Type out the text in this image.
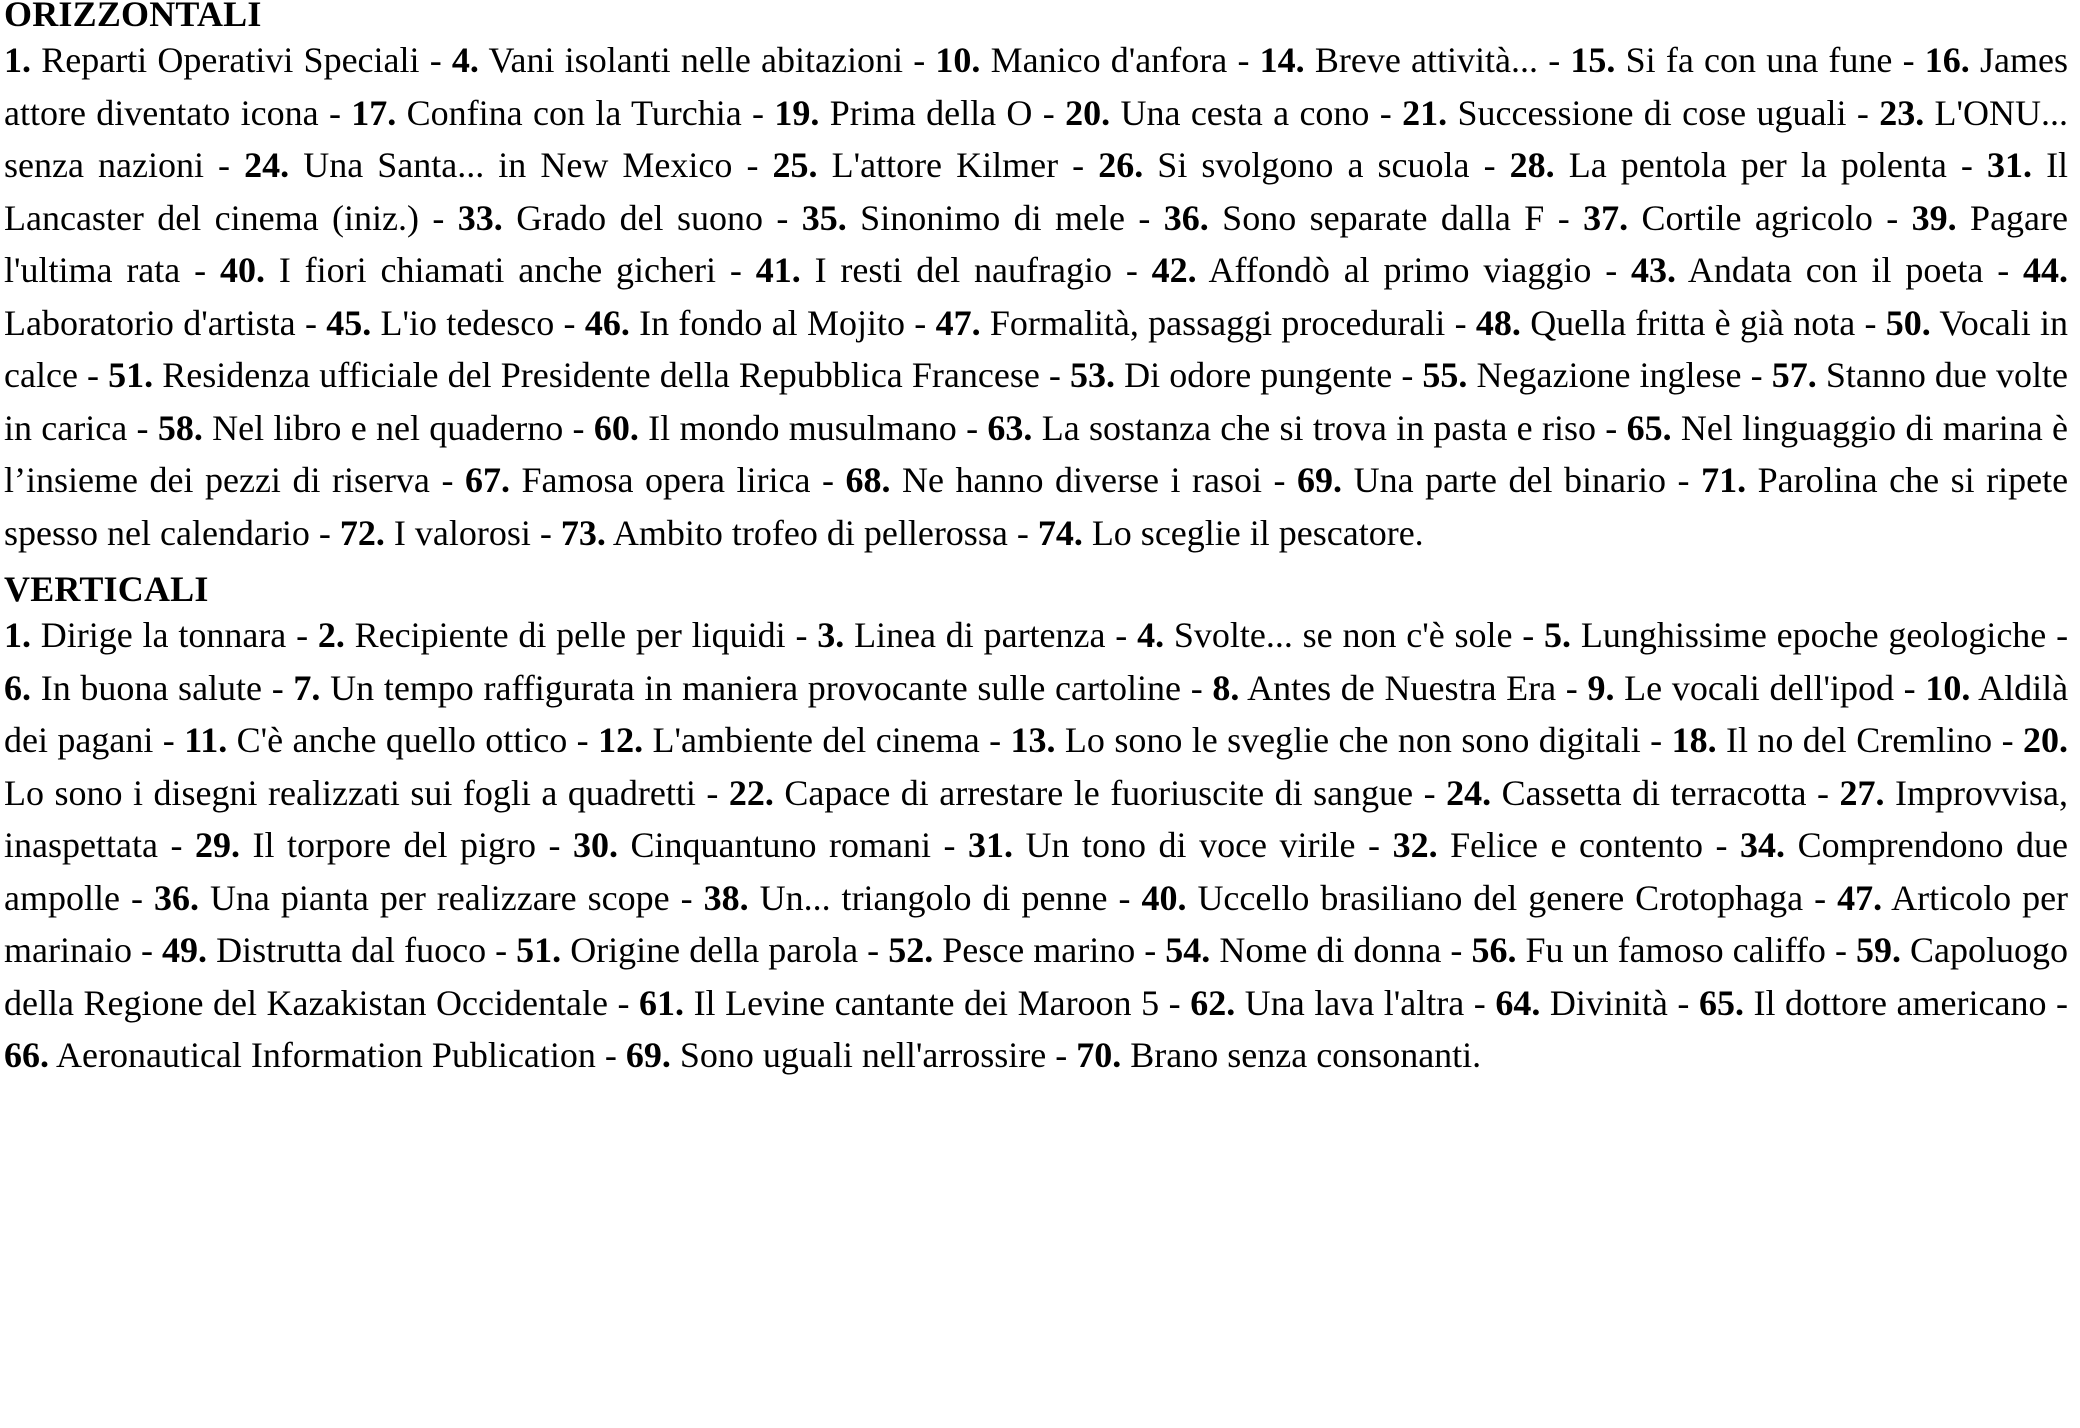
ORIZZONTALI

1. Reparti Operativi Speciali - 4. Vani isolanti nelle abitazioni - 10. Manico d'anfora - 14. Breve attività... - 15. Si fa con una fune - 16. James attore diventato icona - 17. Confina con la Turchia - 19. Prima della O - 20. Una cesta a cono - 21. Successione di cose uguali - 23. L'ONU... senza nazioni - 24. Una Santa... in New Mexico - 25. L'attore Kilmer - 26. Si svolgono a scuola - 28. La pentola per la polenta - 31. Il Lancaster del cinema (iniz.) - 33. Grado del suono - 35. Sinonimo di mele - 36. Sono separate dalla F - 37. Cortile agricolo - 39. Pagare l'ultima rata - 40. I fiori chiamati anche gicheri - 41. I resti del naufragio - 42. Affondò al primo viaggio - 43. Andata con il poeta - 44. Laboratorio d'artista - 45. L'io tedesco - 46. In fondo al Mojito - 47. Formalità, passaggi procedurali - 48. Quella fritta è già nota - 50. Vocali in calce - 51. Residenza ufficiale del Presidente della Repubblica Francese - 53. Di odore pungente - 55. Negazione inglese - 57. Stanno due volte in carica - 58. Nel libro e nel quaderno - 60. Il mondo musulmano - 63. La sostanza che si trova in pasta e riso - 65. Nel linguaggio di marina è l’insieme dei pezzi di riserva - 67. Famosa opera lirica - 68. Ne hanno diverse i rasoi - 69. Una parte del binario - 71. Parolina che si ripete spesso nel calendario - 72. I valorosi - 73. Ambito trofeo di pellerossa - 74. Lo sceglie il pescatore.

VERTICALI

1. Dirige la tonnara - 2. Recipiente di pelle per liquidi - 3. Linea di partenza - 4. Svolte... se non c'è sole - 5. Lunghissime epoche geologiche - 6. In buona salute - 7. Un tempo raffigurata in maniera provocante sulle cartoline - 8. Antes de Nuestra Era - 9. Le vocali dell'ipod - 10. Aldilà dei pagani - 11. C'è anche quello ottico - 12. L'ambiente del cinema - 13. Lo sono le sveglie che non sono digitali - 18. Il no del Cremlino - 20. Lo sono i disegni realizzati sui fogli a quadretti - 22. Capace di arrestare le fuoriuscite di sangue - 24. Cassetta di terracotta - 27. Improvvisa, inaspettata - 29. Il torpore del pigro - 30. Cinquantuno romani - 31. Un tono di voce virile - 32. Felice e contento - 34. Comprendono due ampolle - 36. Una pianta per realizzare scope - 38. Un... triangolo di penne - 40. Uccello brasiliano del genere Crotophaga - 47. Articolo per marinaio - 49. Distrutta dal fuoco - 51. Origine della parola - 52. Pesce marino - 54. Nome di donna - 56. Fu un famoso califfo - 59. Capoluogo della Regione del Kazakistan Occidentale - 61. Il Levine cantante dei Maroon 5 - 62. Una lava l'altra - 64. Divinità - 65. Il dottore americano - 66. Aeronautical Information Publication - 69. Sono uguali nell'arrossire - 70. Brano senza consonanti.
